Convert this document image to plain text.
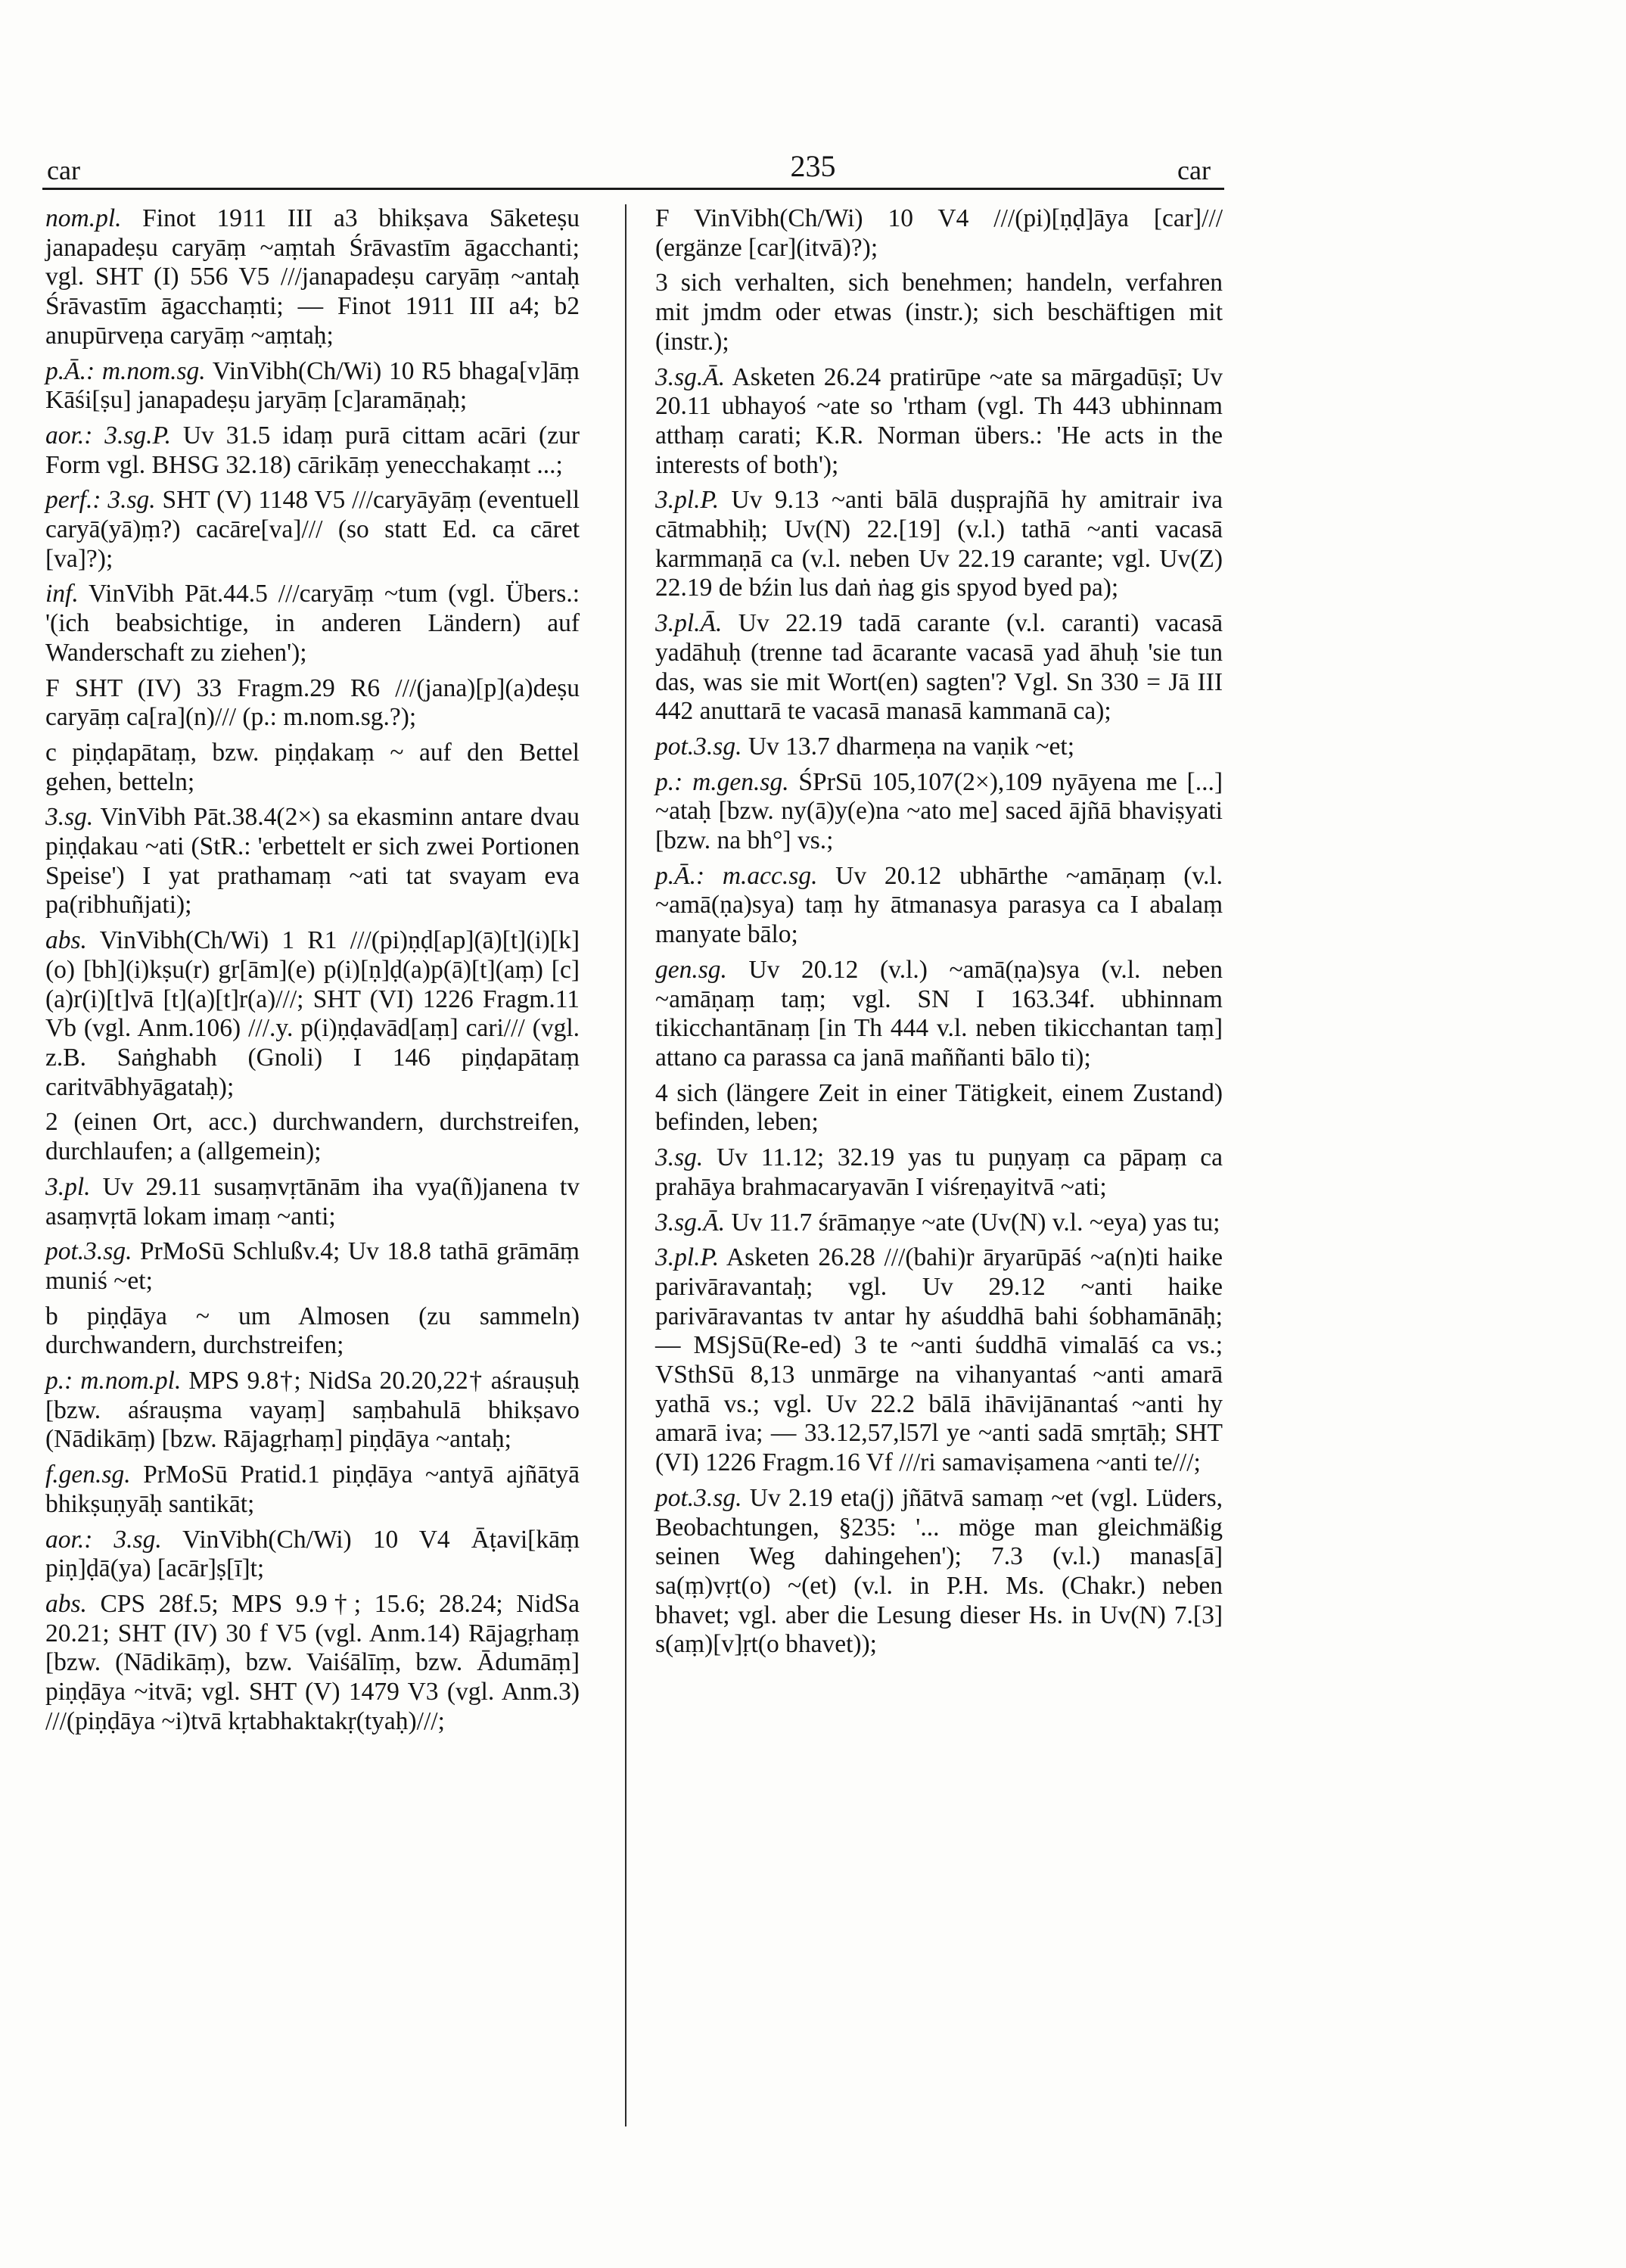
car	235	car

nom.pl. Finot 1911 III a3 bhikṣava Sāketeṣu janapadeṣu caryāṃ ~aṃtah Śrāvastīm āgacchanti; vgl. SHT (I) 556 V5 ///janapadeṣu caryāṃ ~antaḥ Śrāvastīm āgacchaṃti; — Finot 1911 III a4; b2 anupūrveṇa caryāṃ ~aṃtaḥ;

p.Ā.: m.nom.sg. VinVibh(Ch/Wi) 10 R5 bhaga[v]āṃ Kāśi[ṣu] janapadeṣu jaryāṃ [c]aramāṇaḥ;

aor.: 3.sg.P. Uv 31.5 idaṃ purā cittam acāri (zur Form vgl. BHSG 32.18) cārikāṃ yenecchakaṃt ...;

perf.: 3.sg. SHT (V) 1148 V5 ///caryāyāṃ (eventuell caryā(yā)ṃ?) cacāre[va]/// (so statt Ed. ca cāret [va]?);

inf. VinVibh Pāt.44.5 ///caryāṃ ~tum (vgl. Übers.: '(ich beabsichtige, in anderen Ländern) auf Wanderschaft zu ziehen');

F SHT (IV) 33 Fragm.29 R6 ///(jana)[p](a)deṣu caryāṃ ca[ra](n)/// (p.: m.nom.sg.?);

c piṇḍapātaṃ, bzw. piṇḍakaṃ ~ auf den Bettel gehen, betteln;

3.sg. VinVibh Pāt.38.4(2×) sa ekasminn antare dvau piṇḍakau ~ati (StR.: 'erbettelt er sich zwei Portionen Speise') I yat prathamaṃ ~ati tat svayam eva pa(ribhuñjati);

abs. VinVibh(Ch/Wi) 1 R1 ///(pi)ṇḍ[ap](ā)[t](i)[k](o) [bh](i)kṣu(r) gr[ām](e) p(i)[ṇ]ḍ(a)p(ā)[t](aṃ) [c](a)r(i)[t]vā [t](a)[t]r(a)///; SHT (VI) 1226 Fragm.11 Vb (vgl. Anm.106) ///.y. p(i)ṇḍavād[aṃ] cari/// (vgl. z.B. Saṅghabh (Gnoli) I 146 piṇḍapātaṃ caritvābhyāgataḥ);

2 (einen Ort, acc.) durchwandern, durchstreifen, durchlaufen; a (allgemein);

3.pl. Uv 29.11 susaṃvṛtānām iha vya(ñ)janena tv asaṃvṛtā lokam imaṃ ~anti;

pot.3.sg. PrMoSū Schlußv.4; Uv 18.8 tathā grāmāṃ muniś ~et;

b piṇḍāya ~ um Almosen (zu sammeln) durchwandern, durchstreifen;

p.: m.nom.pl. MPS 9.8†; NidSa 20.20,22† aśrauṣuḥ [bzw. aśrauṣma vayaṃ] saṃbahulā bhikṣavo (Nādikāṃ) [bzw. Rājagṛhaṃ] piṇḍāya ~antaḥ;

f.gen.sg. PrMoSū Pratid.1 piṇḍāya ~antyā ajñātyā bhikṣuṇyāḥ santikāt;

aor.: 3.sg. VinVibh(Ch/Wi) 10 V4 Āṭavi[kāṃ piṇ]ḍā(ya) [acār]ṣ[ī]t;

abs. CPS 28f.5; MPS 9.9†; 15.6; 28.24; NidSa 20.21; SHT (IV) 30 f V5 (vgl. Anm.14) Rājagṛhaṃ [bzw. (Nādikāṃ), bzw. Vaiśālīṃ, bzw. Ādumāṃ] piṇḍāya ~itvā; vgl. SHT (V) 1479 V3 (vgl. Anm.3) ///(piṇḍāya ~i)tvā kṛtabhaktakṛ(tyaḥ)///;

F VinVibh(Ch/Wi) 10 V4 ///(pi)[ṇḍ]āya [car]/// (ergänze [car](itvā)?);

3 sich verhalten, sich benehmen; handeln, verfahren mit jmdm oder etwas (instr.); sich beschäftigen mit (instr.);

3.sg.Ā. Asketen 26.24 pratirūpe ~ate sa mārgadūṣī; Uv 20.11 ubhayoś ~ate so 'rtham (vgl. Th 443 ubhinnam atthaṃ carati; K.R. Norman übers.: 'He acts in the interests of both');

3.pl.P. Uv 9.13 ~anti bālā duṣprajñā hy amitrair iva cātmabhiḥ; Uv(N) 22.[19] (v.l.) tathā ~anti vacasā karmmaṇā ca (v.l. neben Uv 22.19 carante; vgl. Uv(Z) 22.19 de bźin lus daṅ ṅag gis spyod byed pa);

3.pl.Ā. Uv 22.19 tadā carante (v.l. caranti) vacasā yadāhuḥ (trenne tad ācarante vacasā yad āhuḥ 'sie tun das, was sie mit Wort(en) sagten'? Vgl. Sn 330 = Jā III 442 anuttarā te vacasā manasā kammanā ca);

pot.3.sg. Uv 13.7 dharmeṇa na vaṇik ~et;

p.: m.gen.sg. ŚPrSū 105,107(2×),109 nyāyena me [...] ~ataḥ [bzw. ny(ā)y(e)na ~ato me] saced ājñā bhaviṣyati [bzw. na bh°] vs.;

p.Ā.: m.acc.sg. Uv 20.12 ubhārthe ~amāṇaṃ (v.l. ~amā(ṇa)sya) taṃ hy ātmanasya parasya ca I abalaṃ manyate bālo;

gen.sg. Uv 20.12 (v.l.) ~amā(ṇa)sya (v.l. neben ~amāṇaṃ taṃ; vgl. SN I 163.34f. ubhinnam tikicchantānaṃ [in Th 444 v.l. neben tikicchantan taṃ] attano ca parassa ca janā maññanti bālo ti);

4 sich (längere Zeit in einer Tätigkeit, einem Zustand) befinden, leben;

3.sg. Uv 11.12; 32.19 yas tu puṇyaṃ ca pāpaṃ ca prahāya brahmacaryavān I viśreṇayitvā ~ati;

3.sg.Ā. Uv 11.7 śrāmaṇye ~ate (Uv(N) v.l. ~eya) yas tu;

3.pl.P. Asketen 26.28 ///(bahi)r āryarūpāś ~a(n)ti haike parivāravantaḥ; vgl. Uv 29.12 ~anti haike parivāravantas tv antar hy aśuddhā bahi śobhamānāḥ; — MSjSū(Re-ed) 3 te ~anti śuddhā vimalāś ca vs.; VSthSū 8,13 unmārge na vihanyantaś ~anti amarā yathā vs.; vgl. Uv 22.2 bālā ihāvijānantaś ~anti hy amarā iva; — 33.12,57,l57l ye ~anti sadā smṛtāḥ; SHT (VI) 1226 Fragm.16 Vf ///ri samaviṣamena ~anti te///;

pot.3.sg. Uv 2.19 eta(j) jñātvā samaṃ ~et (vgl. Lüders, Beobachtungen, §235: '... möge man gleichmäßig seinen Weg dahingehen'); 7.3 (v.l.) manas[ā] sa(ṃ)vṛt(o) ~(et) (v.l. in P.H. Ms. (Chakr.) neben bhavet; vgl. aber die Lesung dieser Hs. in Uv(N) 7.[3] s(aṃ)[v]ṛt(o bhavet));
